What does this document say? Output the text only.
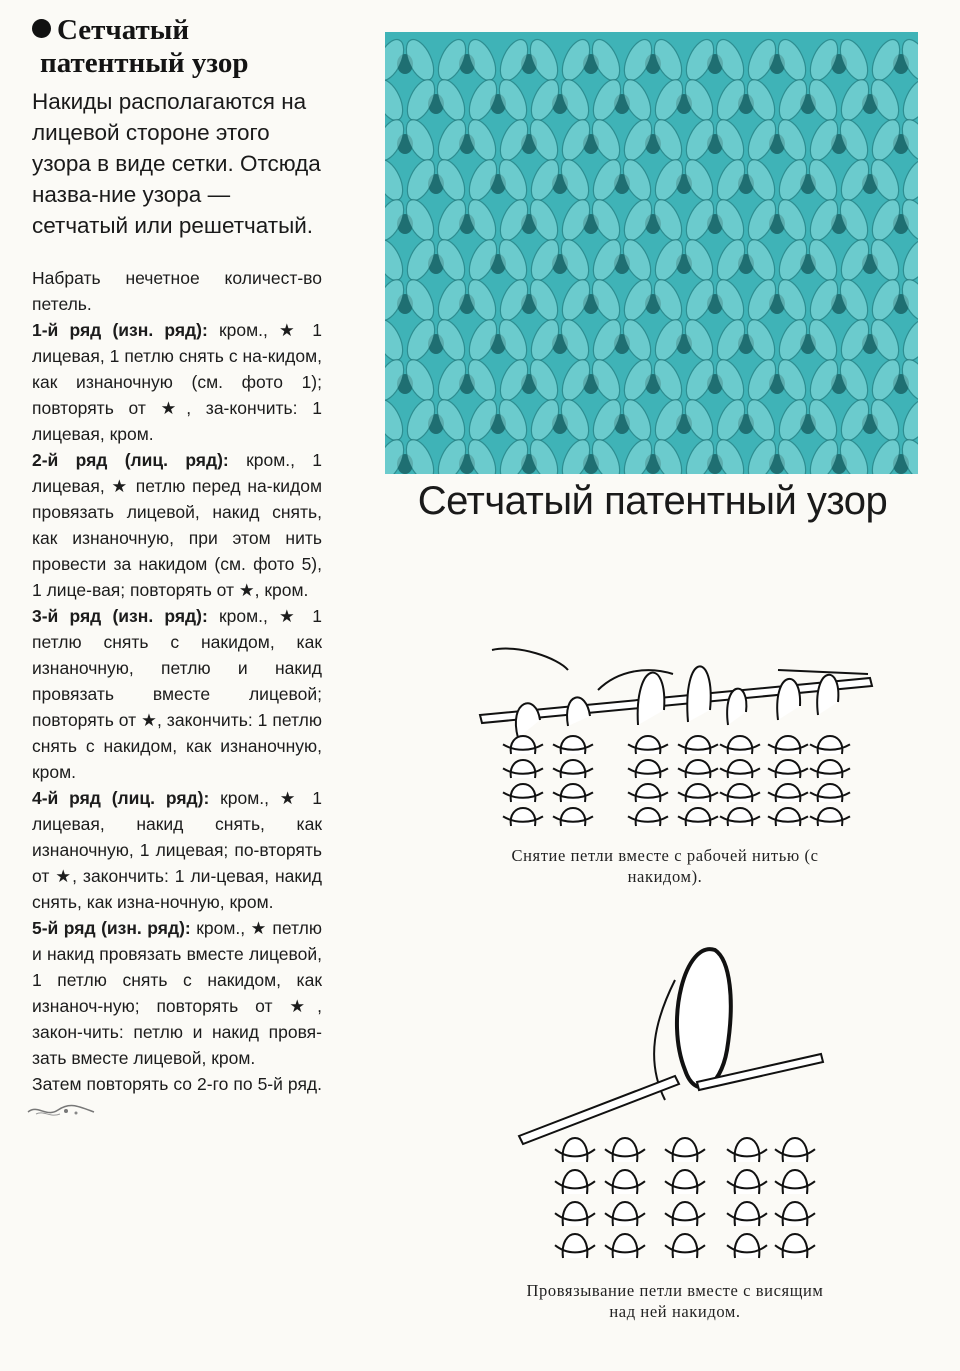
Сетчатый
патентный узор
Накиды располагаются на лицевой стороне этого узора в виде сетки. Отсюда назва-ние узора — сетчатый или решетчатый.

Набрать нечетное количест-во петель.

1-й ряд (изн. ряд): кром., ★ 1 лицевая, 1 петлю снять с на-кидом, как изнаночную (см. фото 1); повторять от ★, за-кончить: 1 лицевая, кром.

2-й ряд (лиц. ряд): кром., 1 лицевая, ★ петлю перед на-кидом провязать лицевой, накид снять, как изнаночную, при этом нить провести за накидом (см. фото 5), 1 лице-вая; повторять от ★, кром.

3-й ряд (изн. ряд): кром., ★ 1 петлю снять с накидом, как изнаночную, петлю и накид провязать вместе лицевой; повторять от ★, закончить: 1 петлю снять с накидом, как изнаночную, кром.

4-й ряд (лиц. ряд): кром., ★ 1 лицевая, накид снять, как изнаночную, 1 лицевая; по-вторять от ★, закончить: 1 ли-цевая, накид снять, как изна-ночную, кром.

5-й ряд (изн. ряд): кром., ★ петлю и накид провязать вместе лицевой, 1 петлю снять с накидом, как изнаноч-ную; повторять от ★, закон-чить: петлю и накид провя-зать вместе лицевой, кром.

Затем повторять со 2-го по 5-й ряд.

Сетчатый патентный узор

Снятие петли вместе с рабочей нитью (с накидом).

Провязывание петли вместе с висящим над ней накидом.
